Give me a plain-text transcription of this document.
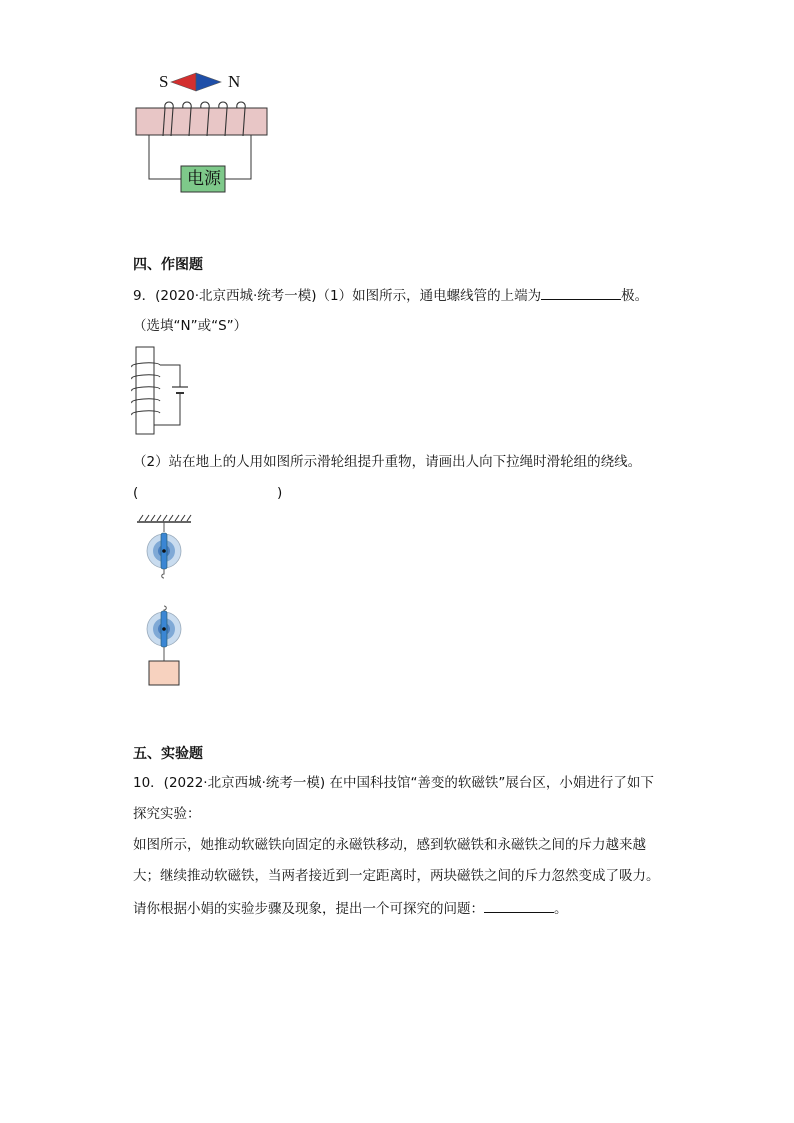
S	N
电源
四、作图题
9．(2020·北京西城·统考一模)（1）如图所示，通电螺线管的上端为	极。
（选填“N”或“S”）
（2）站在地上的人用如图所示滑轮组提升重物，请画出人向下拉绳时滑轮组的绕线。
(	)
五、实验题
10．(2022·北京西城·统考一模) 在中国科技馆“善变的软磁铁”展台区，小娟进行了如下
探究实验：
如图所示，她推动软磁铁向固定的永磁铁移动，感到软磁铁和永磁铁之间的斥力越来越
大；继续推动软磁铁，当两者接近到一定距离时，两块磁铁之间的斥力忽然变成了吸力。
请你根据小娟的实验步骤及现象，提出一个可探究的问题：	。
